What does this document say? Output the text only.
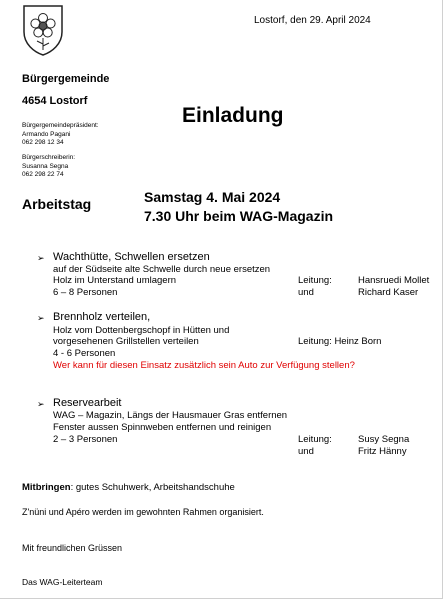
Lostorf, den 29. April 2024
Bürgergemeinde
4654 Lostorf
Bürgergemeindepräsident:
Armando Pagani
062 298 12 34
Bürgerschreiberin:
Susanna Segna
062 298 22 74
Einladung
Arbeitstag	Samstag 4. Mai 2024
7.30 Uhr beim WAG-Magazin
➢ Wachthütte, Schwellen ersetzen
auf der Südseite alte Schwelle durch neue ersetzen
Holz im Unterstand umlagern
6 – 8 Personen
Leitung:
und
Hansruedi Mollet
Richard Kaser
➢ Brennholz verteilen,
Holz vom Dottenbergschopf in Hütten und
vorgesehenen Grillstellen verteilen
4 - 6 Personen
Leitung: Heinz Born
Wer kann für diesen Einsatz zusätzlich sein Auto zur Verfügung stellen?
➢ Reservearbeit
WAG – Magazin, Längs der Hausmauer Gras entfernen
Fenster aussen Spinnweben entfernen und reinigen
2 – 3 Personen	Leitung:
und
Susy Segna
Fritz Hänny
Mitbringen: gutes Schuhwerk, Arbeitshandschuhe
Z'nüni und Apéro werden im gewohnten Rahmen organisiert.
Mit freundlichen Grüssen
Das WAG-Leiterteam
